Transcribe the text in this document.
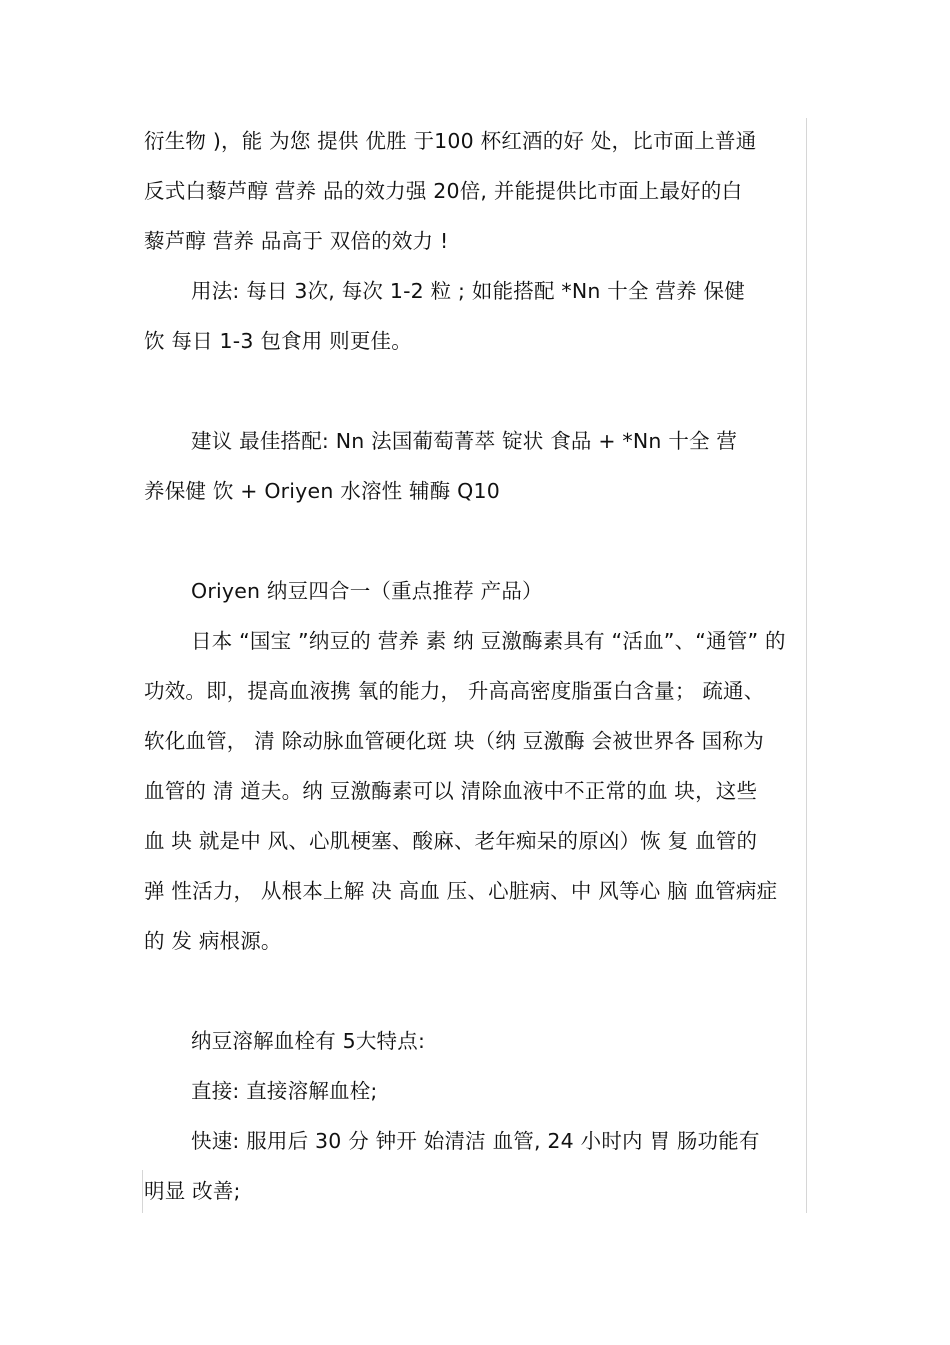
衍生物 )，能 为您 提供 优胜 于100 杯红酒的好 处，比市面上普通
反式白藜芦醇 营养 品的效力强 20倍, 并能提供比市面上最好的白
藜芦醇 营养 品高于 双倍的效力 !
用法: 每日 3次, 每次 1-2 粒 ; 如能搭配 *Nn 十全 营养 保健
饮 每日 1-3 包食用 则更佳。
建议 最佳搭配: Nn 法国葡萄菁萃 锭状 食品 + *Nn 十全 营
养保健 饮 + Oriyen 水溶性 辅酶 Q10
Oriyen 纳豆四合一（重点推荐 产品）
日本 “国宝 ”纳豆的 营养 素 纳 豆激酶素具有 “活血”、“通管” 的
功效。即，提高血液携 氧的能力， 升高高密度脂蛋白含量； 疏通、
软化血管， 清 除动脉血管硬化斑 块（纳 豆激酶 会被世界各 国称为
血管的 清 道夫。纳 豆激酶素可以 清除血液中不正常的血 块，这些
血 块 就是中 风、心肌梗塞、酸麻、老年痴呆的原凶）恢 复 血管的
弹 性活力， 从根本上解 决 高血 压、心脏病、中 风等心 脑 血管病症
的 发 病根源。
纳豆溶解血栓有 5大特点:
直接: 直接溶解血栓;
快速: 服用后 30 分 钟开 始清洁 血管, 24 小时内 胃 肠功能有
明显 改善;
